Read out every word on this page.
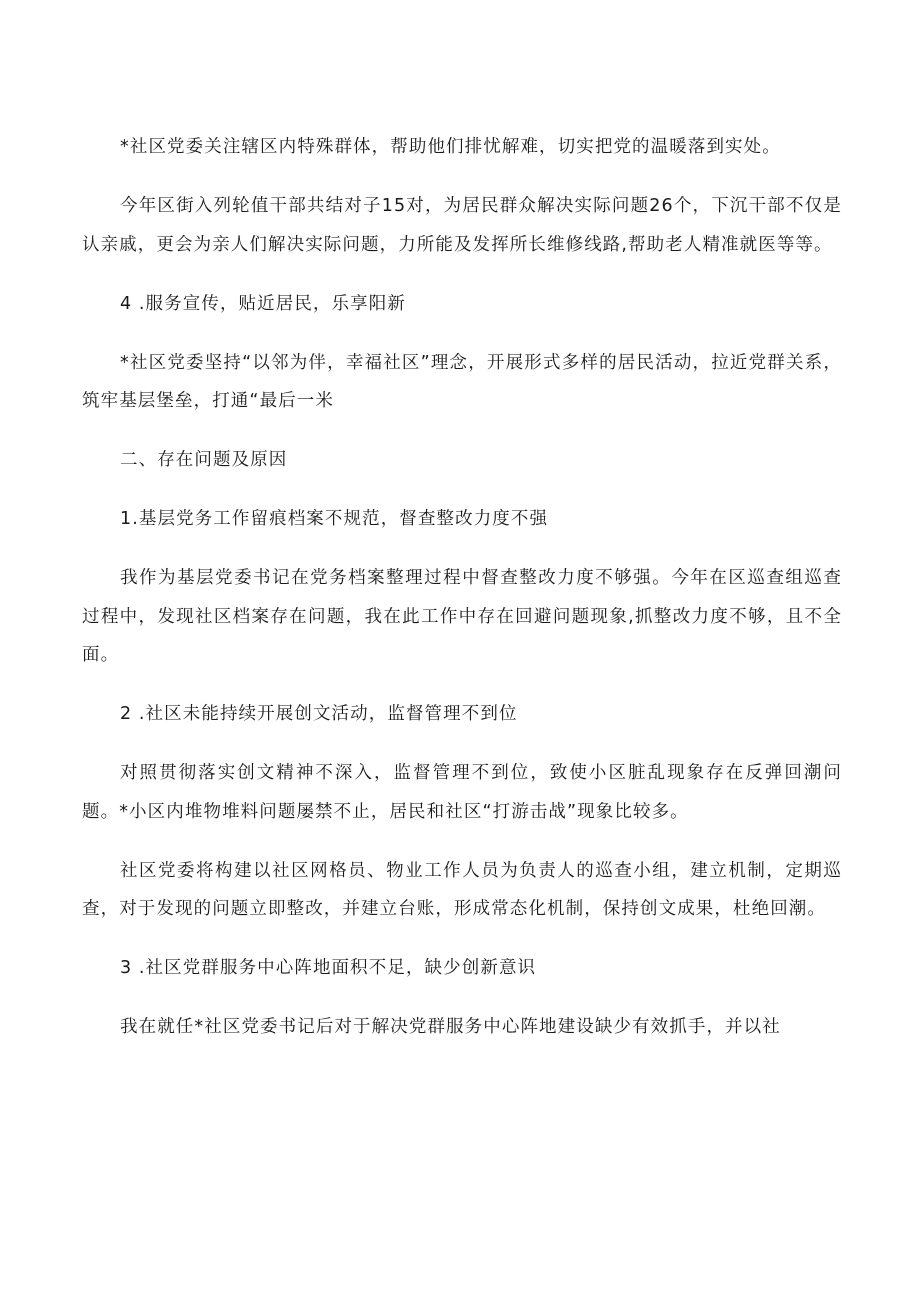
*社区党委关注辖区内特殊群体，帮助他们排忧解难，切实把党的温暖落到实处。

今年区街入列轮值干部共结对子15对，为居民群众解决实际问题26个，下沉干部不仅是认亲戚，更会为亲人们解决实际问题，力所能及发挥所长维修线路,帮助老人精准就医等等。

4 .服务宣传，贴近居民，乐享阳新

*社区党委坚持“以邻为伴，幸福社区”理念，开展形式多样的居民活动，拉近党群关系，筑牢基层堡垒，打通“最后一米

二、存在问题及原因

1.基层党务工作留痕档案不规范，督查整改力度不强

我作为基层党委书记在党务档案整理过程中督查整改力度不够强。今年在区巡查组巡查过程中，发现社区档案存在问题，我在此工作中存在回避问题现象,抓整改力度不够，且不全面。

2 .社区未能持续开展创文活动，监督管理不到位

对照贯彻落实创文精神不深入，监督管理不到位，致使小区脏乱现象存在反弹回潮问题。*小区内堆物堆料问题屡禁不止，居民和社区“打游击战”现象比较多。

社区党委将构建以社区网格员、物业工作人员为负责人的巡查小组，建立机制，定期巡查，对于发现的问题立即整改，并建立台账，形成常态化机制，保持创文成果，杜绝回潮。

3 .社区党群服务中心阵地面积不足，缺少创新意识

我在就任*社区党委书记后对于解决党群服务中心阵地建设缺少有效抓手，并以社
